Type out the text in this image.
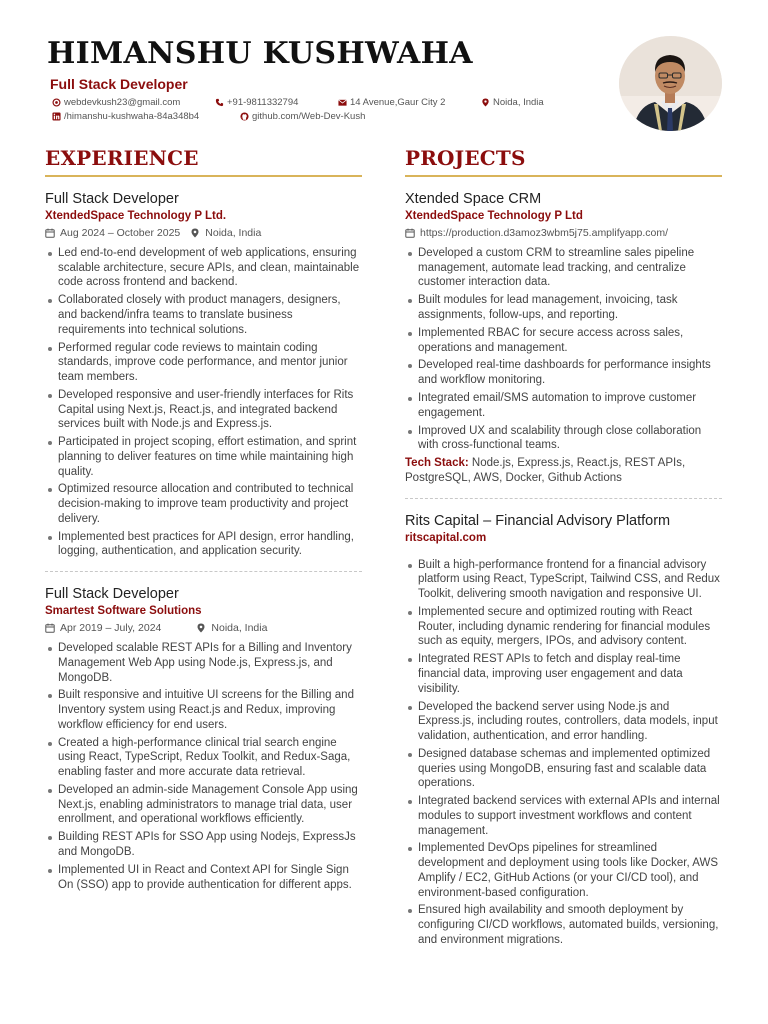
HIMANSHU KUSHWAHA
Full Stack Developer
webdevkush23@gmail.com	+91-9811332794	14 Avenue,Gaur City 2	Noida, India
/himanshu-kushwaha-84a348b4	github.com/Web-Dev-Kush
EXPERIENCE
Full Stack Developer
XtendedSpace Technology P Ltd.
Aug 2024 – October 2025 Noida, India
Led end-to-end development of web applications, ensuring scalable architecture, secure APIs, and clean, maintainable code across frontend and backend.
Collaborated closely with product managers, designers, and backend/infra teams to translate business requirements into technical solutions.
Performed regular code reviews to maintain coding standards, improve code performance, and mentor junior team members.
Developed responsive and user-friendly interfaces for Rits Capital using Next.js, React.js, and integrated backend services built with Node.js and Express.js.
Participated in project scoping, effort estimation, and sprint planning to deliver features on time while maintaining high quality.
Optimized resource allocation and contributed to technical decision-making to improve team productivity and project delivery.
Implemented best practices for API design, error handling, logging, authentication, and application security.
Full Stack Developer
Smartest Software Solutions
Apr 2019 – July, 2024	Noida, India
Developed scalable REST APIs for a Billing and Inventory Management Web App using Node.js, Express.js, and MongoDB.
Built responsive and intuitive UI screens for the Billing and Inventory system using React.js and Redux, improving workflow efficiency for end users.
Created a high-performance clinical trial search engine using React, TypeScript, Redux Toolkit, and Redux-Saga, enabling faster and more accurate data retrieval.
Developed an admin-side Management Console App using Next.js, enabling administrators to manage trial data, user enrollment, and operational workflows efficiently.
Building REST APIs for SSO App using Nodejs, ExpressJs and MongoDB.
Implemented UI in React and Context API for Single Sign On (SSO) app to provide authentication for different apps.
PROJECTS
Xtended Space CRM
XtendedSpace Technology P Ltd
https://production.d3amoz3wbm5j75.amplifyapp.com/
Developed a custom CRM to streamline sales pipeline management, automate lead tracking, and centralize customer interaction data.
Built modules for lead management, invoicing, task assignments, follow-ups, and reporting.
Implemented RBAC for secure access across sales, operations and management.
Developed real-time dashboards for performance insights and workflow monitoring.
Integrated email/SMS automation to improve customer engagement.
Improved UX and scalability through close collaboration with cross-functional teams.
Tech Stack: Node.js, Express.js, React.js, REST APIs, PostgreSQL, AWS, Docker, Github Actions
Rits Capital – Financial Advisory Platform
ritscapital.com
Built a high-performance frontend for a financial advisory platform using React, TypeScript, Tailwind CSS, and Redux Toolkit, delivering smooth navigation and responsive UI.
Implemented secure and optimized routing with React Router, including dynamic rendering for financial modules such as equity, mergers, IPOs, and advisory content.
Integrated REST APIs to fetch and display real-time financial data, improving user engagement and data visibility.
Developed the backend server using Node.js and Express.js, including routes, controllers, data models, input validation, authentication, and error handling.
Designed database schemas and implemented optimized queries using MongoDB, ensuring fast and scalable data operations.
Integrated backend services with external APIs and internal modules to support investment workflows and content management.
Implemented DevOps pipelines for streamlined development and deployment using tools like Docker, AWS Amplify / EC2, GitHub Actions (or your CI/CD tool), and environment-based configuration.
Ensured high availability and smooth deployment by configuring CI/CD workflows, automated builds, versioning, and environment migrations.
